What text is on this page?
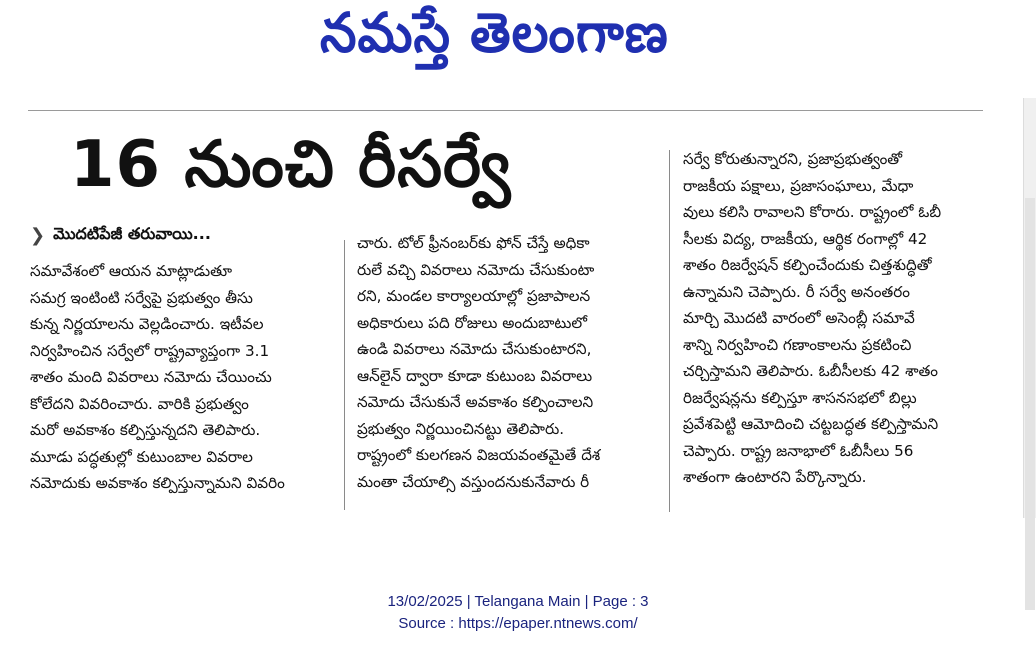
నమస్తే తెలంగాణ
16 నుంచి రీసర్వే
❯ మొదటిపేజీ తరువాయి...

సమావేశంలో ఆయన మాట్లాడుతూ

సమగ్ర ఇంటింటి సర్వేపై ప్రభుత్వం తీసు

కున్న నిర్ణయాలను వెల్లడించారు. ఇటీవల

నిర్వహించిన సర్వేలో రాష్ట్రవ్యాప్తంగా 3.1

శాతం మంది వివరాలు నమోదు చేయించు

కోలేదని వివరించారు. వారికి ప్రభుత్వం

మరో అవకాశం కల్పిస్తున్నదని తెలిపారు.

మూడు పద్ధతుల్లో కుటుంబాల వివరాల

నమోదుకు అవకాశం కల్పిస్తున్నామని వివరిం

చారు. టోల్ ఫ్రీనంబర్‌కు ఫోన్ చేస్తే అధికా

రులే వచ్చి వివరాలు నమోదు చేసుకుంటా

రని, మండల కార్యాలయాల్లో ప్రజాపాలన

అధికారులు పది రోజులు అందుబాటులో

ఉండి వివరాలు నమోదు చేసుకుంటారని,

ఆన్‌లైన్ ద్వారా కూడా కుటుంబ వివరాలు

నమోదు చేసుకునే అవకాశం కల్పించాలని

ప్రభుత్వం నిర్ణయించినట్టు తెలిపారు.

రాష్ట్రంలో కులగణన విజయవంతమైతే దేశ

మంతా చేయాల్సి వస్తుందనుకునేవారు రీ

సర్వే కోరుతున్నారని, ప్రజాప్రభుత్వంతో

రాజకీయ పక్షాలు, ప్రజాసంఘాలు, మేధా

వులు కలిసి రావాలని కోరారు. రాష్ట్రంలో ఓబీ

సీలకు విద్య, రాజకీయ, ఆర్థిక రంగాల్లో 42

శాతం రిజర్వేషన్ కల్పించేందుకు చిత్తశుద్ధితో

ఉన్నామని చెప్పారు. రీ సర్వే అనంతరం

మార్చి మొదటి వారంలో అసెంబ్లీ సమావే

శాన్ని నిర్వహించి గణాంకాలను ప్రకటించి

చర్చిస్తామని తెలిపారు. ఓబీసీలకు 42 శాతం

రిజర్వేషన్లను కల్పిస్తూ శాసనసభలో బిల్లు

ప్రవేశపెట్టి ఆమోదించి చట్టబద్ధత కల్పిస్తామని

చెప్పారు. రాష్ట్ర జనాభాలో ఓబీసీలు 56

శాతంగా ఉంటారని పేర్కొన్నారు.

13/02/2025 | Telangana Main | Page : 3
Source : https://epaper.ntnews.com/
